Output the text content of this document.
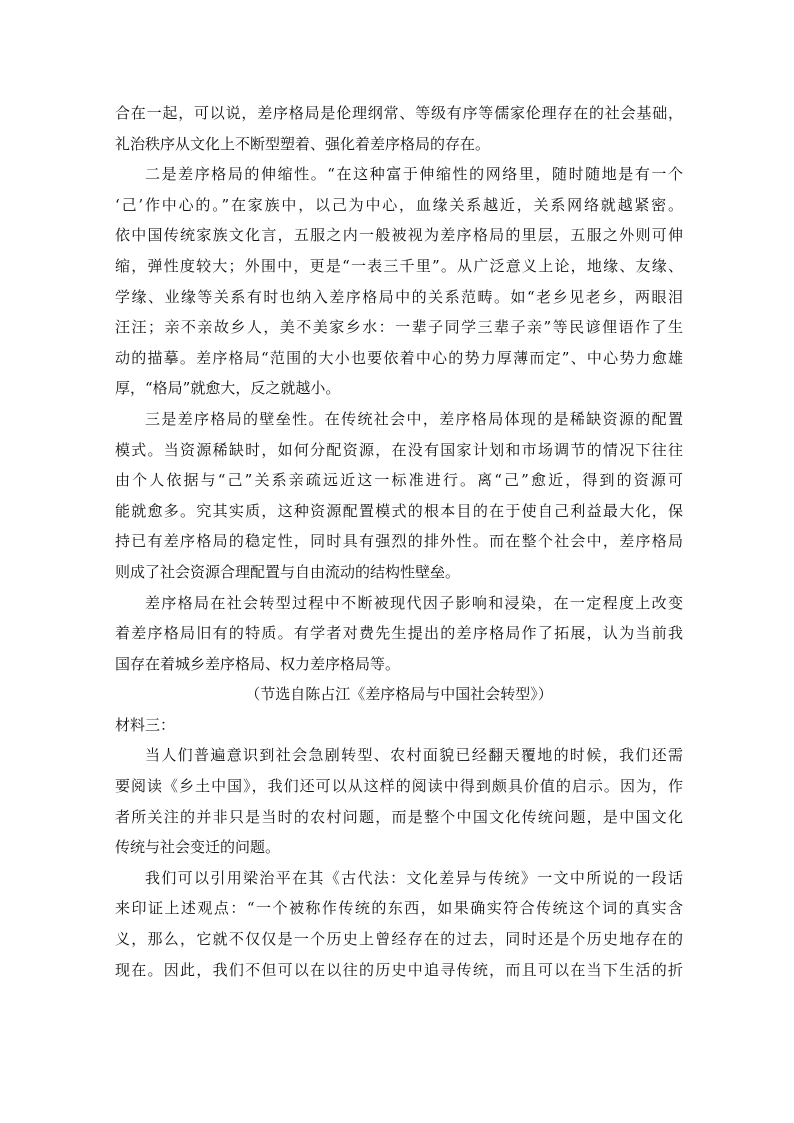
合在一起，可以说，差序格局是伦理纲常、等级有序等儒家伦理存在的社会基础，
礼治秩序从文化上不断型塑着、强化着差序格局的存在。
二是差序格局的伸缩性。“在这种富于伸缩性的网络里，随时随地是有一个
‘己’作中心的。”在家族中，以己为中心，血缘关系越近，关系网络就越紧密。
依中国传统家族文化言，五服之内一般被视为差序格局的里层，五服之外则可伸
缩，弹性度较大；外围中，更是“一表三千里”。从广泛意义上论，地缘、友缘、
学缘、业缘等关系有时也纳入差序格局中的关系范畴。如“老乡见老乡，两眼泪
汪汪；亲不亲故乡人，美不美家乡水：一辈子同学三辈子亲”等民谚俚语作了生
动的描摹。差序格局“范围的大小也要依着中心的势力厚薄而定”、中心势力愈雄
厚，“格局”就愈大，反之就越小。
三是差序格局的壁垒性。在传统社会中，差序格局体现的是稀缺资源的配置
模式。当资源稀缺时，如何分配资源，在没有国家计划和市场调节的情况下往往
由个人依据与“己”关系亲疏远近这一标准进行。离“己”愈近，得到的资源可
能就愈多。究其实质，这种资源配置模式的根本目的在于使自己利益最大化，保
持已有差序格局的稳定性，同时具有强烈的排外性。而在整个社会中，差序格局
则成了社会资源合理配置与自由流动的结构性壁垒。
差序格局在社会转型过程中不断被现代因子影响和浸染，在一定程度上改变
着差序格局旧有的特质。有学者对费先生提出的差序格局作了拓展，认为当前我
国存在着城乡差序格局、权力差序格局等。
（节选自陈占江《差序格局与中国社会转型》）
材料三：
当人们普遍意识到社会急剧转型、农村面貌已经翻天覆地的时候，我们还需
要阅读《乡土中国》，我们还可以从这样的阅读中得到颇具价值的启示。因为，作
者所关注的并非只是当时的农村问题，而是整个中国文化传统问题，是中国文化
传统与社会变迁的问题。
我们可以引用梁治平在其《古代法：文化差异与传统》一文中所说的一段话
来印证上述观点：“一个被称作传统的东西，如果确实符合传统这个词的真实含
义，那么，它就不仅仅是一个历史上曾经存在的过去，同时还是个历史地存在的
现在。因此，我们不但可以在以往的历史中追寻传统，而且可以在当下生活的折
